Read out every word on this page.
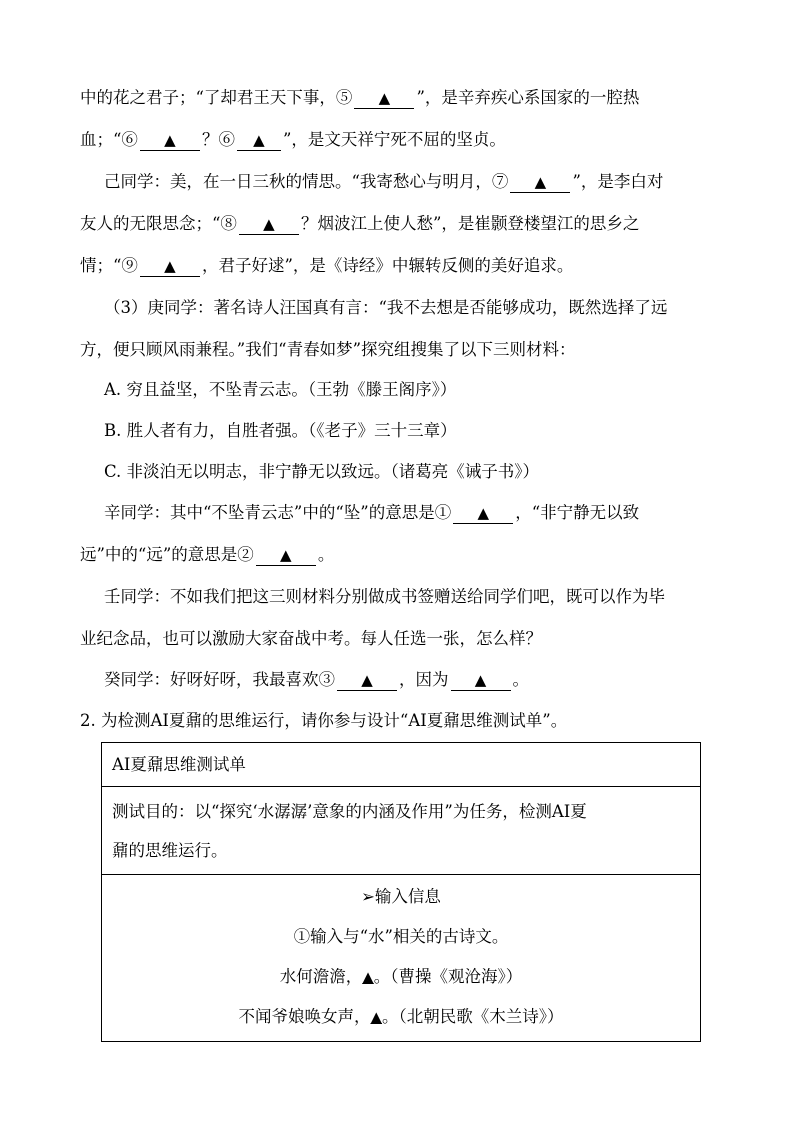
中的花之君子；“了却君王天下事，⑤ ▲ ”，是辛弃疾心系国家的一腔热
血；“⑥ ▲ ？⑥ ▲ ”，是文天祥宁死不屈的坚贞。
己同学：美，在一日三秋的情思。“我寄愁心与明月，⑦ ▲ ”，是李白对
友人的无限思念；“⑧ ▲ ？烟波江上使人愁”，是崔颢登楼望江的思乡之
情；“⑨ ▲ ，君子好逑”，是《诗经》中辗转反侧的美好追求。
（3）庚同学：著名诗人汪国真有言：“我不去想是否能够成功，既然选择了远
方，便只顾风雨兼程。”我们“青春如梦”探究组搜集了以下三则材料：
A. 穷且益坚，不坠青云志。（王勃《滕王阁序》）
B. 胜人者有力，自胜者强。（《老子》三十三章）
C. 非淡泊无以明志，非宁静无以致远。（诸葛亮《诫子书》）
辛同学：其中“不坠青云志”中的“坠”的意思是① ▲ ，“非宁静无以致
远”中的“远”的意思是② ▲ 。
壬同学：不如我们把这三则材料分别做成书签赠送给同学们吧，既可以作为毕
业纪念品，也可以激励大家奋战中考。每人任选一张，怎么样？
癸同学：好呀好呀，我最喜欢③ ▲ ，因为 ▲ 。
2. 为检测AI夏鼐的思维运行，请你参与设计“AI夏鼐思维测试单”。
AI夏鼐思维测试单
测试目的：以“探究‘水潺潺’意象的内涵及作用”为任务，检测AI夏
鼐的思维运行。
➢输入信息
①输入与“水”相关的古诗文。
水何澹澹，▲。（曹操《观沧海》）
不闻爷娘唤女声，▲。（北朝民歌《木兰诗》）
